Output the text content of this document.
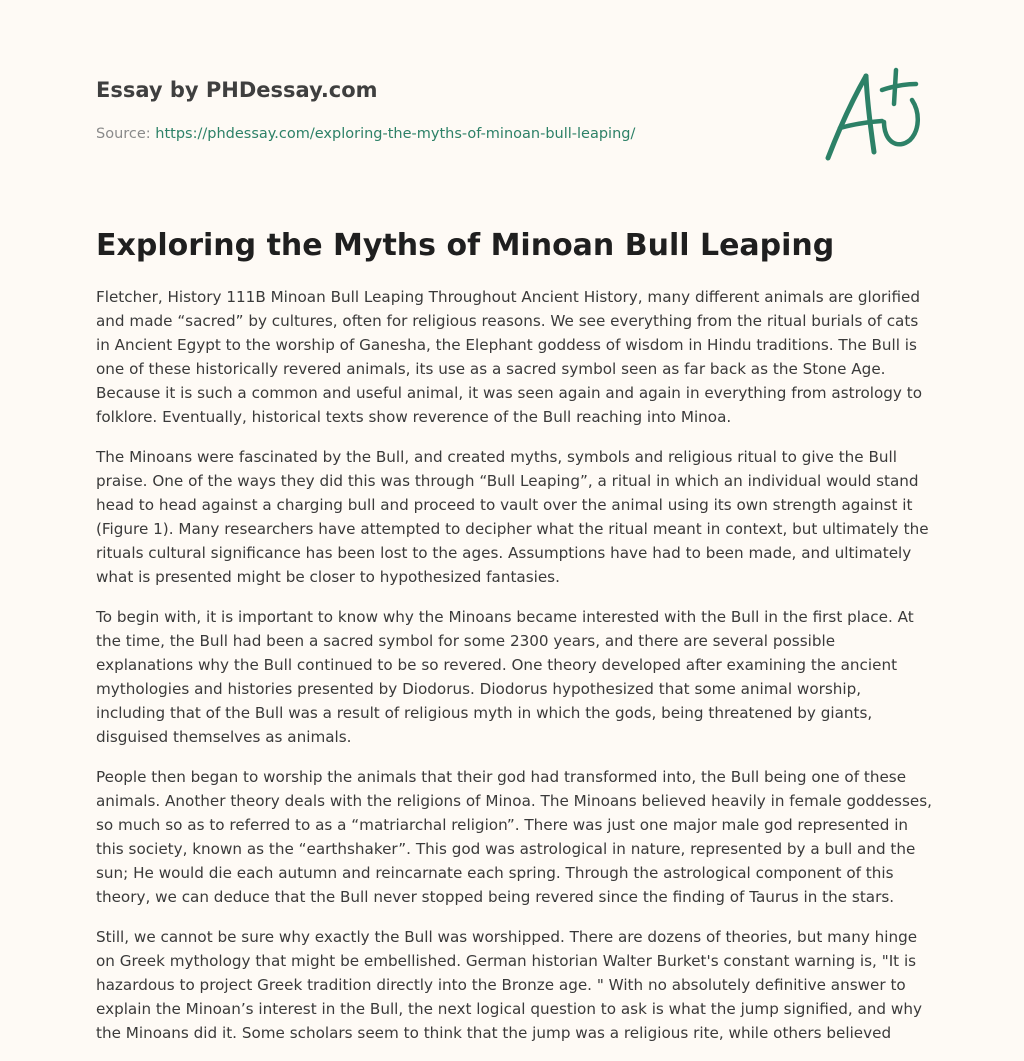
Essay by PHDessay.com
Source: https://phdessay.com/exploring-the-myths-of-minoan-bull-leaping/
Exploring the Myths of Minoan Bull Leaping

Fletcher, History 111B Minoan Bull Leaping Throughout Ancient History, many different animals are glorified and made “sacred” by cultures, often for religious reasons. We see everything from the ritual burials of cats in Ancient Egypt to the worship of Ganesha, the Elephant goddess of wisdom in Hindu traditions. The Bull is one of these historically revered animals, its use as a sacred symbol seen as far back as the Stone Age. Because it is such a common and useful animal, it was seen again and again in everything from astrology to folklore. Eventually, historical texts show reverence of the Bull reaching into Minoa.

The Minoans were fascinated by the Bull, and created myths, symbols and religious ritual to give the Bull praise. One of the ways they did this was through “Bull Leaping”, a ritual in which an individual would stand head to head against a charging bull and proceed to vault over the animal using its own strength against it (Figure 1). Many researchers have attempted to decipher what the ritual meant in context, but ultimately the rituals cultural significance has been lost to the ages. Assumptions have had to been made, and ultimately what is presented might be closer to hypothesized fantasies.

To begin with, it is important to know why the Minoans became interested with the Bull in the first place. At the time, the Bull had been a sacred symbol for some 2300 years, and there are several possible explanations why the Bull continued to be so revered. One theory developed after examining the ancient mythologies and histories presented by Diodorus. Diodorus hypothesized that some animal worship, including that of the Bull was a result of religious myth in which the gods, being threatened by giants, disguised themselves as animals.

People then began to worship the animals that their god had transformed into, the Bull being one of these animals. Another theory deals with the religions of Minoa. The Minoans believed heavily in female goddesses, so much so as to referred to as a “matriarchal religion”. There was just one major male god represented in this society, known as the “earthshaker”. This god was astrological in nature, represented by a bull and the sun; He would die each autumn and reincarnate each spring. Through the astrological component of this theory, we can deduce that the Bull never stopped being revered since the finding of Taurus in the stars.

Still, we cannot be sure why exactly the Bull was worshipped. There are dozens of theories, but many hinge on Greek mythology that might be embellished. German historian Walter Burket's constant warning is, "It is hazardous to project Greek tradition directly into the Bronze age. " With no absolutely definitive answer to explain the Minoan’s interest in the Bull, the next logical question to ask is what the jump signified, and why the Minoans did it. Some scholars seem to think that the jump was a religious rite, while others believed
